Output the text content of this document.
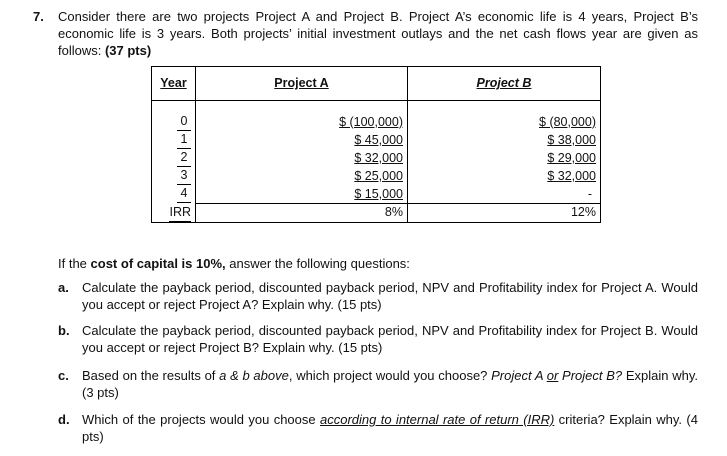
7. Consider there are two projects Project A and Project B. Project A’s economic life is 4 years, Project B’s economic life is 3 years. Both projects’ initial investment outlays and the net cash flows year are given as follows: (37 pts)
Year	Project A	Project B

0	$ (100,000)	$ (80,000)
1	$ 45,000	$ 38,000
2	$ 32,000	$ 29,000
3	$ 25,000	$ 32,000
4	$ 15,000	-
IRR	8%	12%
If the cost of capital is 10%, answer the following questions:
a. Calculate the payback period, discounted payback period, NPV and Profitability index for Project A. Would you accept or reject Project A? Explain why. (15 pts)
b. Calculate the payback period, discounted payback period, NPV and Profitability index for Project B. Would you accept or reject Project B? Explain why. (15 pts)
c. Based on the results of a & b above, which project would you choose? Project A or Project B? Explain why. (3 pts)
d. Which of the projects would you choose according to internal rate of return (IRR) criteria? Explain why. (4 pts)
